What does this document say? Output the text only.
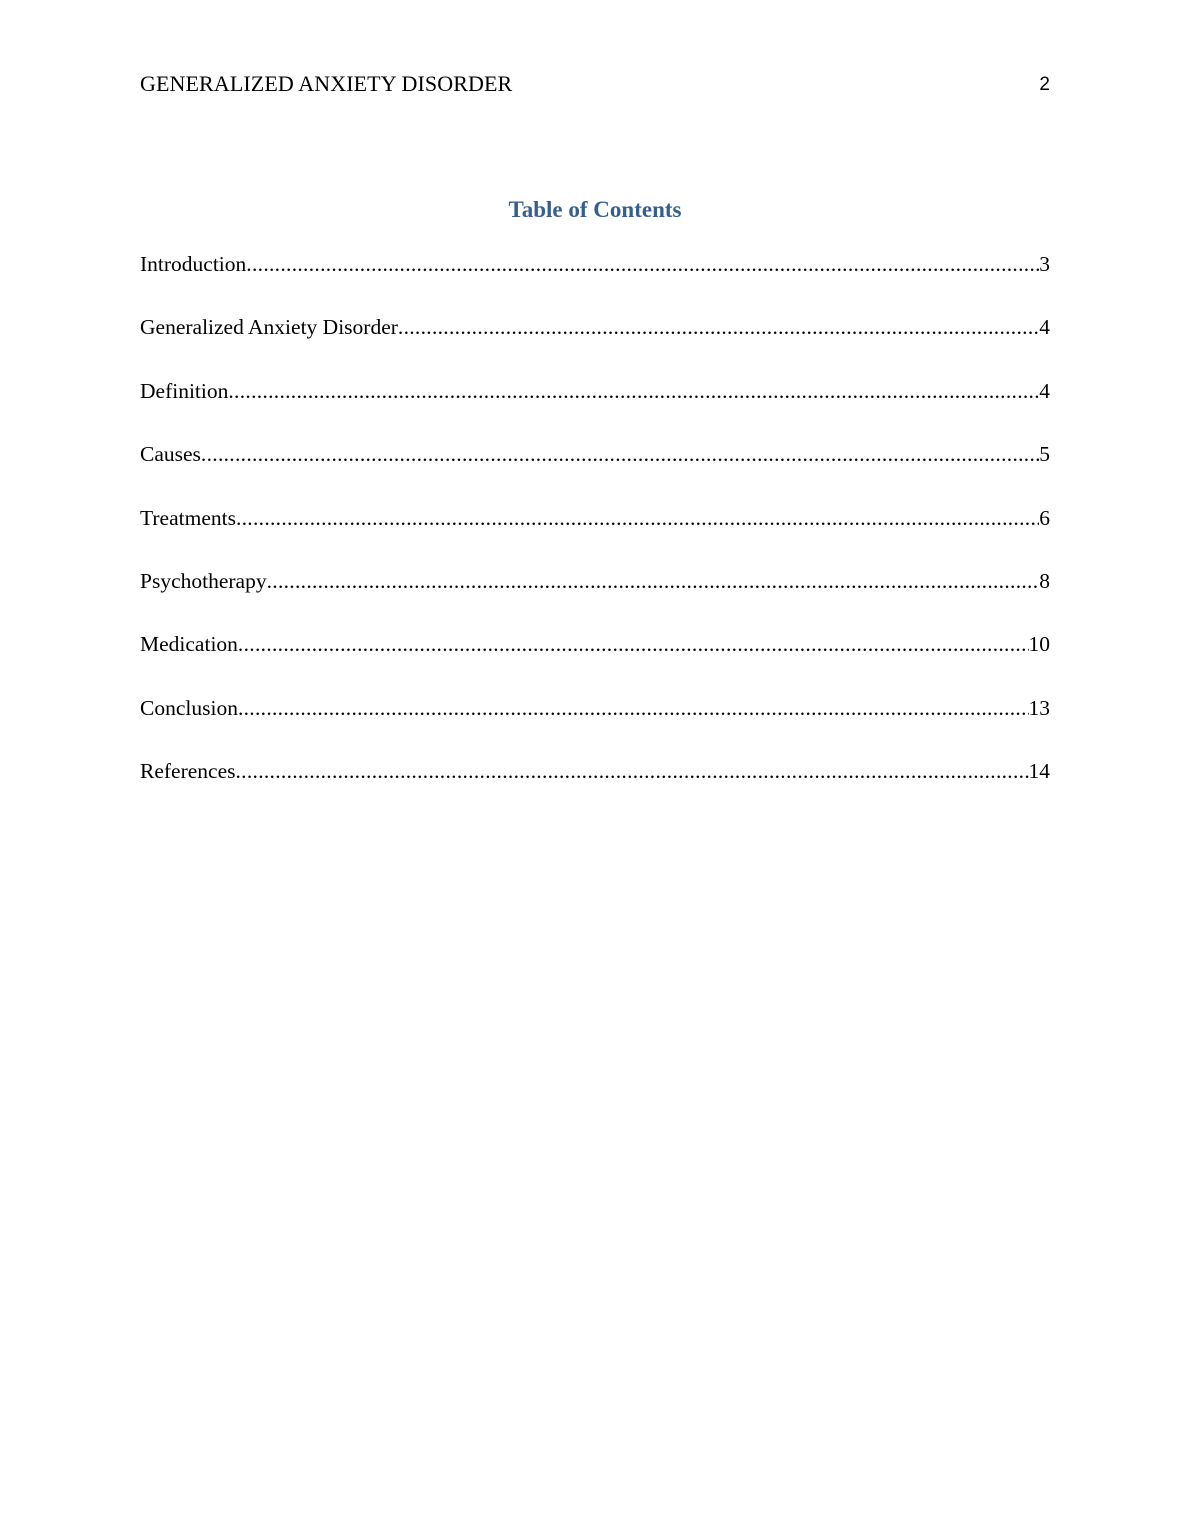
GENERALIZED ANXIETY DISORDER	2
Table of Contents
Introduction .....	3
Generalized Anxiety Disorder .....	4
Definition .....	4
Causes .....	5
Treatments .....	6
Psychotherapy .....	8
Medication .....	10
Conclusion .....	13
References .....	14
